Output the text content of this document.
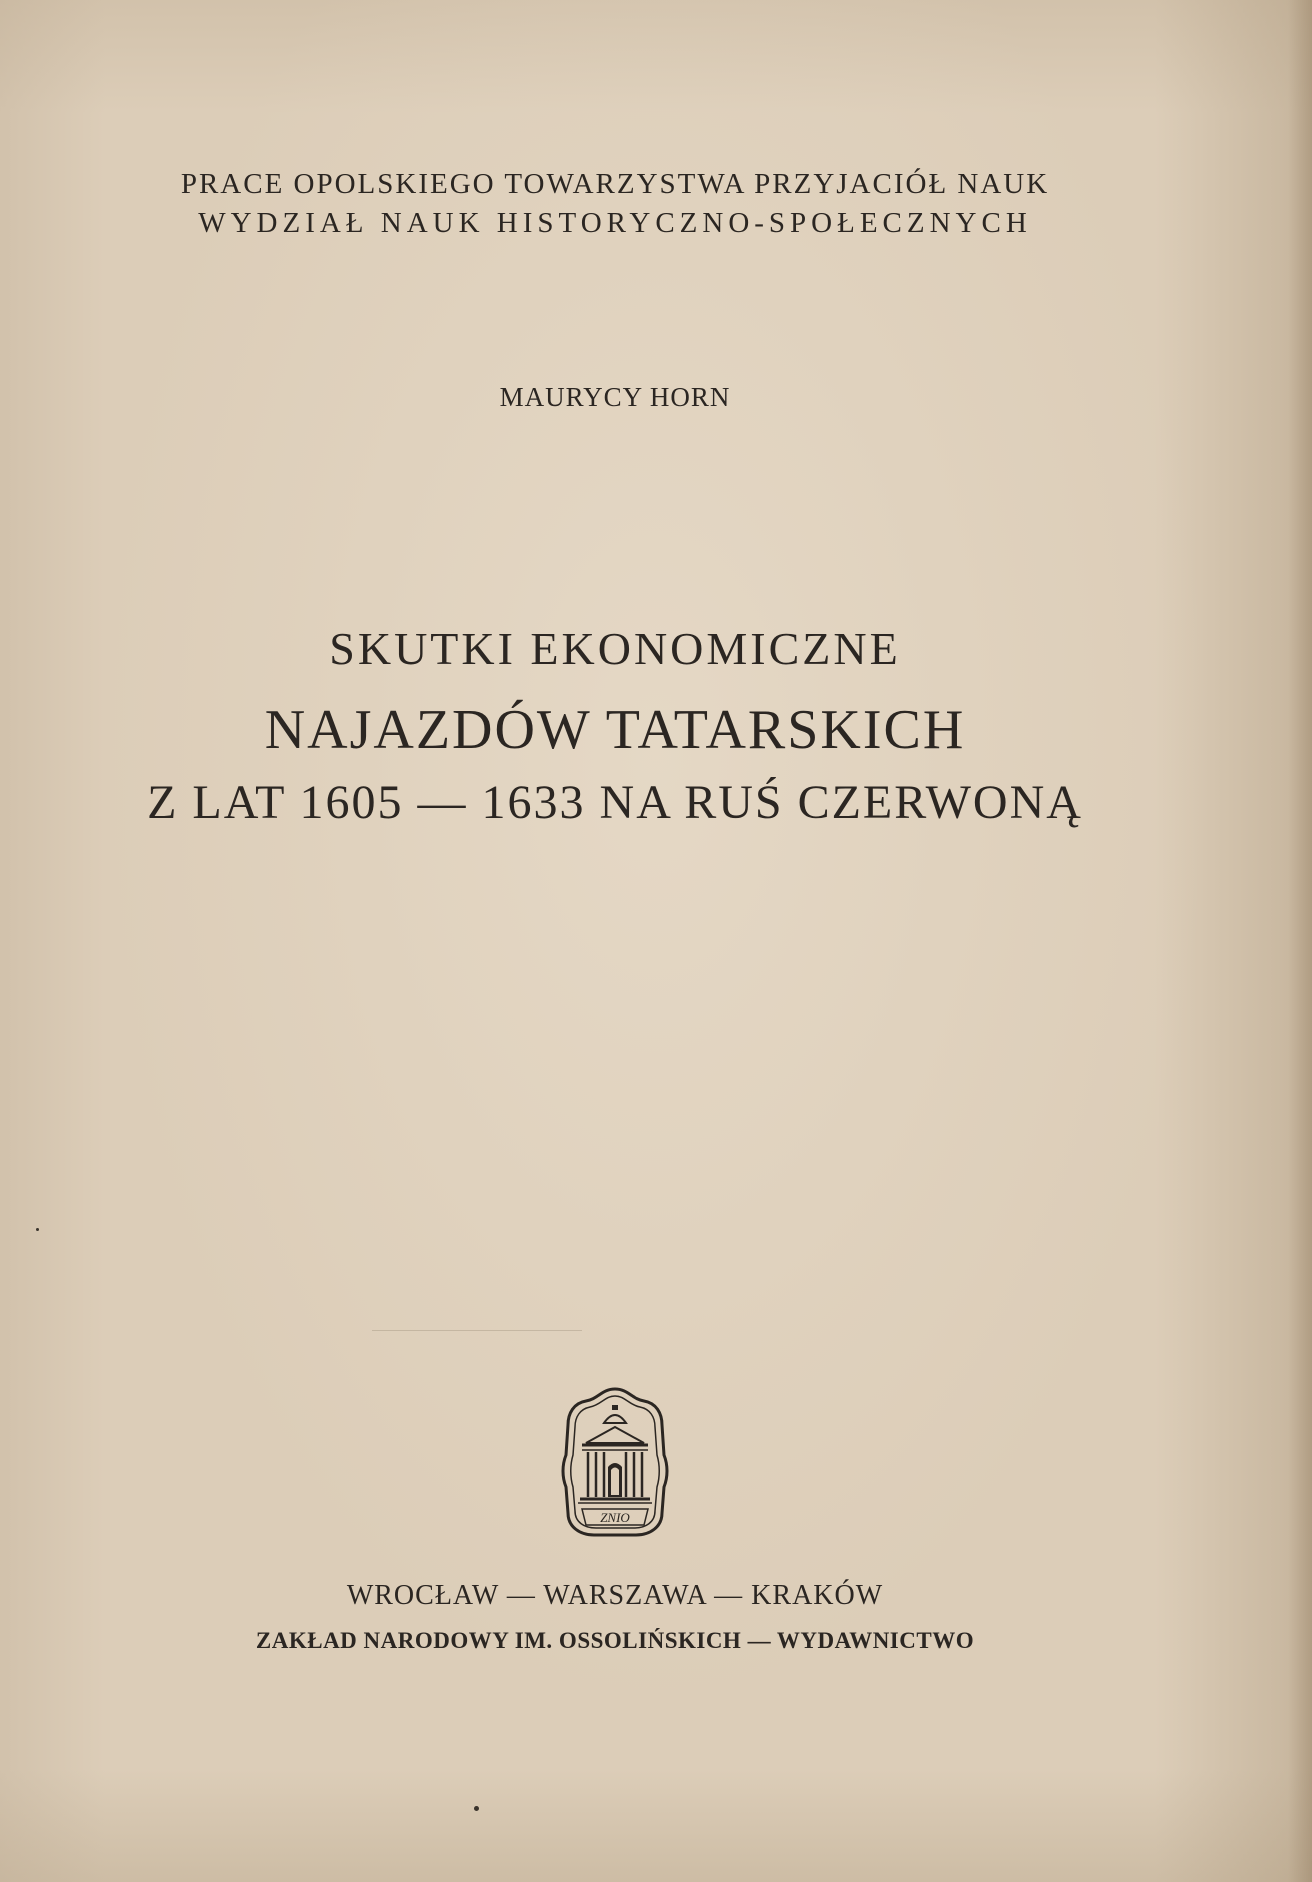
PRACE OPOLSKIEGO TOWARZYSTWA PRZYJACIÓŁ NAUK
WYDZIAŁ NAUK HISTORYCZNO-SPOŁECZNYCH
MAURYCY HORN
SKUTKI EKONOMICZNE
NAJAZDÓW TATARSKICH
Z LAT 1605 — 1633 NA RUŚ CZERWONĄ
ZNIO
WROCŁAW — WARSZAWA — KRAKÓW
ZAKŁAD NARODOWY IM. OSSOLIŃSKICH — WYDAWNICTWO
